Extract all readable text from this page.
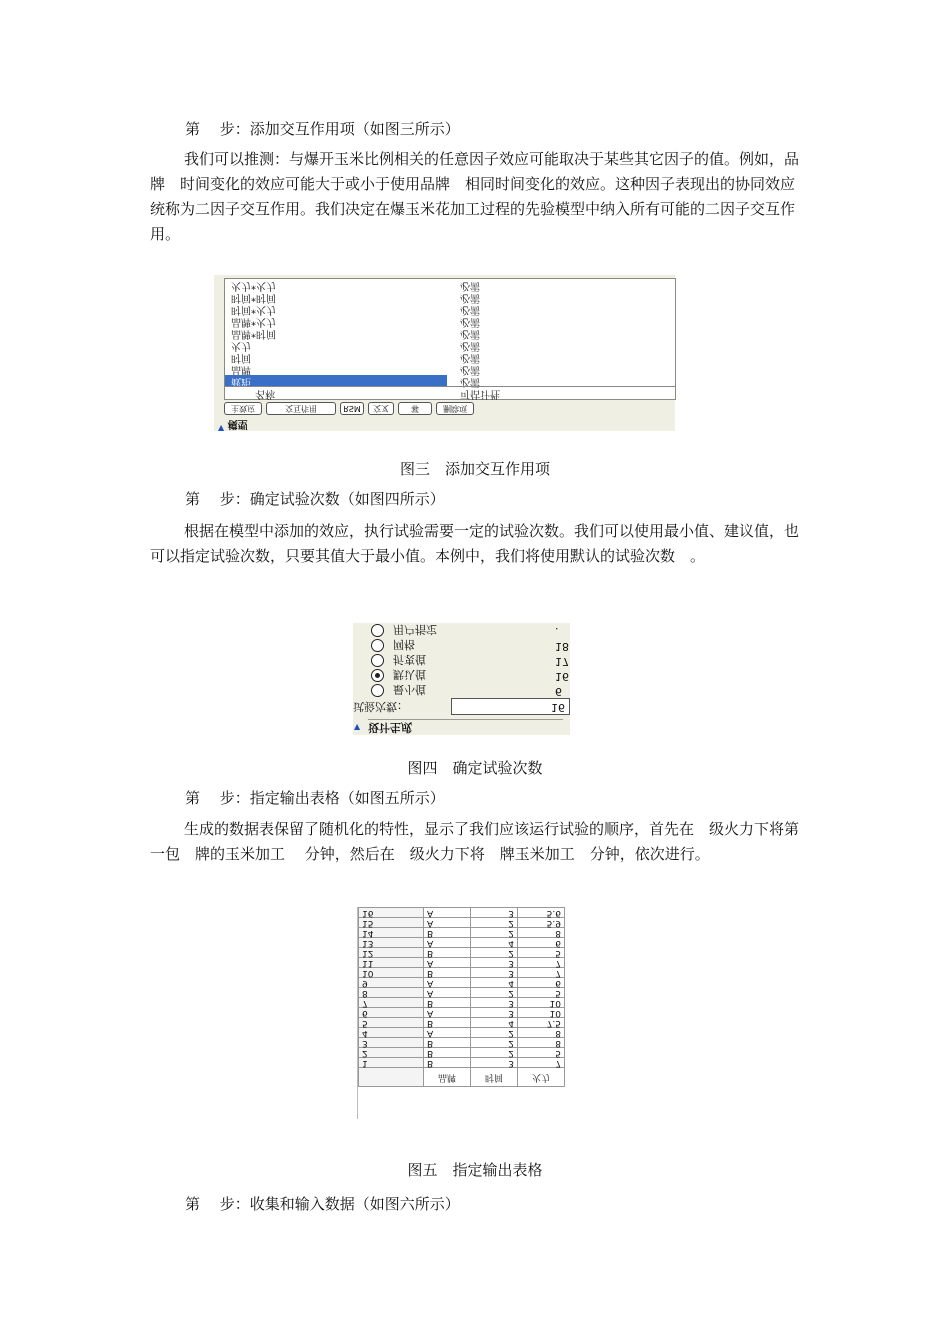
第　 步：添加交互作用项（如图三所示）

我们可以推测：与爆开玉米比例相关的任意因子效应可能取决于某些其它因子的值。例如，品牌　时间变化的效应可能大于或小于使用品牌　相同时间变化的效应。这种因子表现出的协同效应统称为二因子交互作用。我们决定在爆玉米花加工过程的先验模型中纳入所有可能的二因子交互作用。

火力*火力	必需
时间*时间	必需
时间*火力	必需
品牌*火力	必需
品牌*时间	必需
火力	必需
时间	必需
品牌	必需
截距	必需
名称	可估计性
主效应	交互作用	RSM	交叉	幂	删除项
▲ 模型
图三　添加交互作用项

第　 步：确定试验次数（如图四所示）

根据在模型中添加的效应，执行试验需要一定的试验次数。我们可以使用最小值、建议值，也可以指定试验次数，只要其值大于最小值。本例中，我们将使用默认的试验次数　。

用户指定	.
网格	18
折衷值	17
默认值	16
最小值	6
试验次数：	16
▲ 设计生成
图四　确定试验次数

第　 步：指定输出表格（如图五所示）

生成的数据表保留了随机化的特性，显示了我们应该运行试验的顺序，首先在　级火力下将第一包　牌的玉米加工　 分钟，然后在　级火力下将　牌玉米加工　分钟，依次进行。

	品牌	时间	火力
1	B	3	7
2	B	2	5
3	B	2	8
4	A	2	8
5	B	4	7.5
6	A	3	10
7	B	3	10
8	A	2	5
9	A	4	6
10	B	3	7
11	A	3	7
12	B	2	5
13	A	4	6
14	B	2	8
15	A	2	5.9
16	A	3	5.6
图五　指定输出表格

第　 步：收集和输入数据（如图六所示）
